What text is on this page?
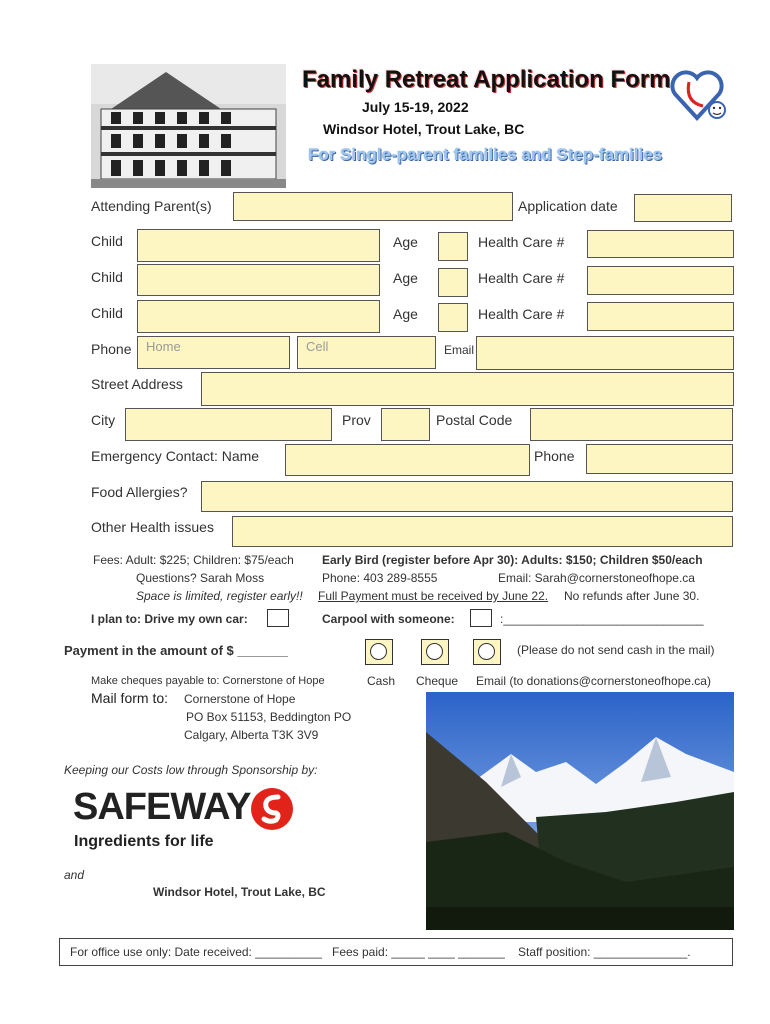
Family Retreat Application Form
July 15-19, 2022
Windsor Hotel, Trout Lake, BC
For Single-parent families and Step-families
Attending Parent(s)	Application date
Child	Age	Health Care #
Child	Age	Health Care #
Child	Age	Health Care #
Phone	Home	Cell	Email
Street Address
City	Prov	Postal Code
Emergency Contact: Name	Phone
Food Allergies?
Other Health issues
Fees: Adult: $225; Children: $75/each Early Bird (register before Apr 30): Adults: $150; Children $50/each
Questions? Sarah Moss	Phone: 403 289-8555	Email: Sarah@cornerstoneofhope.ca
Space is limited, register early!! Full Payment must be received by June 22. No refunds after June 30.
I plan to: Drive my own car:	Carpool with someone:	:______________________________
Payment in the amount of $ _______	(Please do not send cash in the mail)
Make cheques payable to: Cornerstone of Hope	Cash Cheque Email (to donations@cornerstoneofhope.ca)
Mail form to: Cornerstone of Hope
PO Box 51153, Beddington PO
Calgary, Alberta T3K 3V9
Keeping our Costs low through Sponsorship by:
SAFEWAY
Ingredients for life
and
Windsor Hotel, Trout Lake, BC
For office use only: Date received: __________ Fees paid: _____ ____ _______ Staff position: ______________.
